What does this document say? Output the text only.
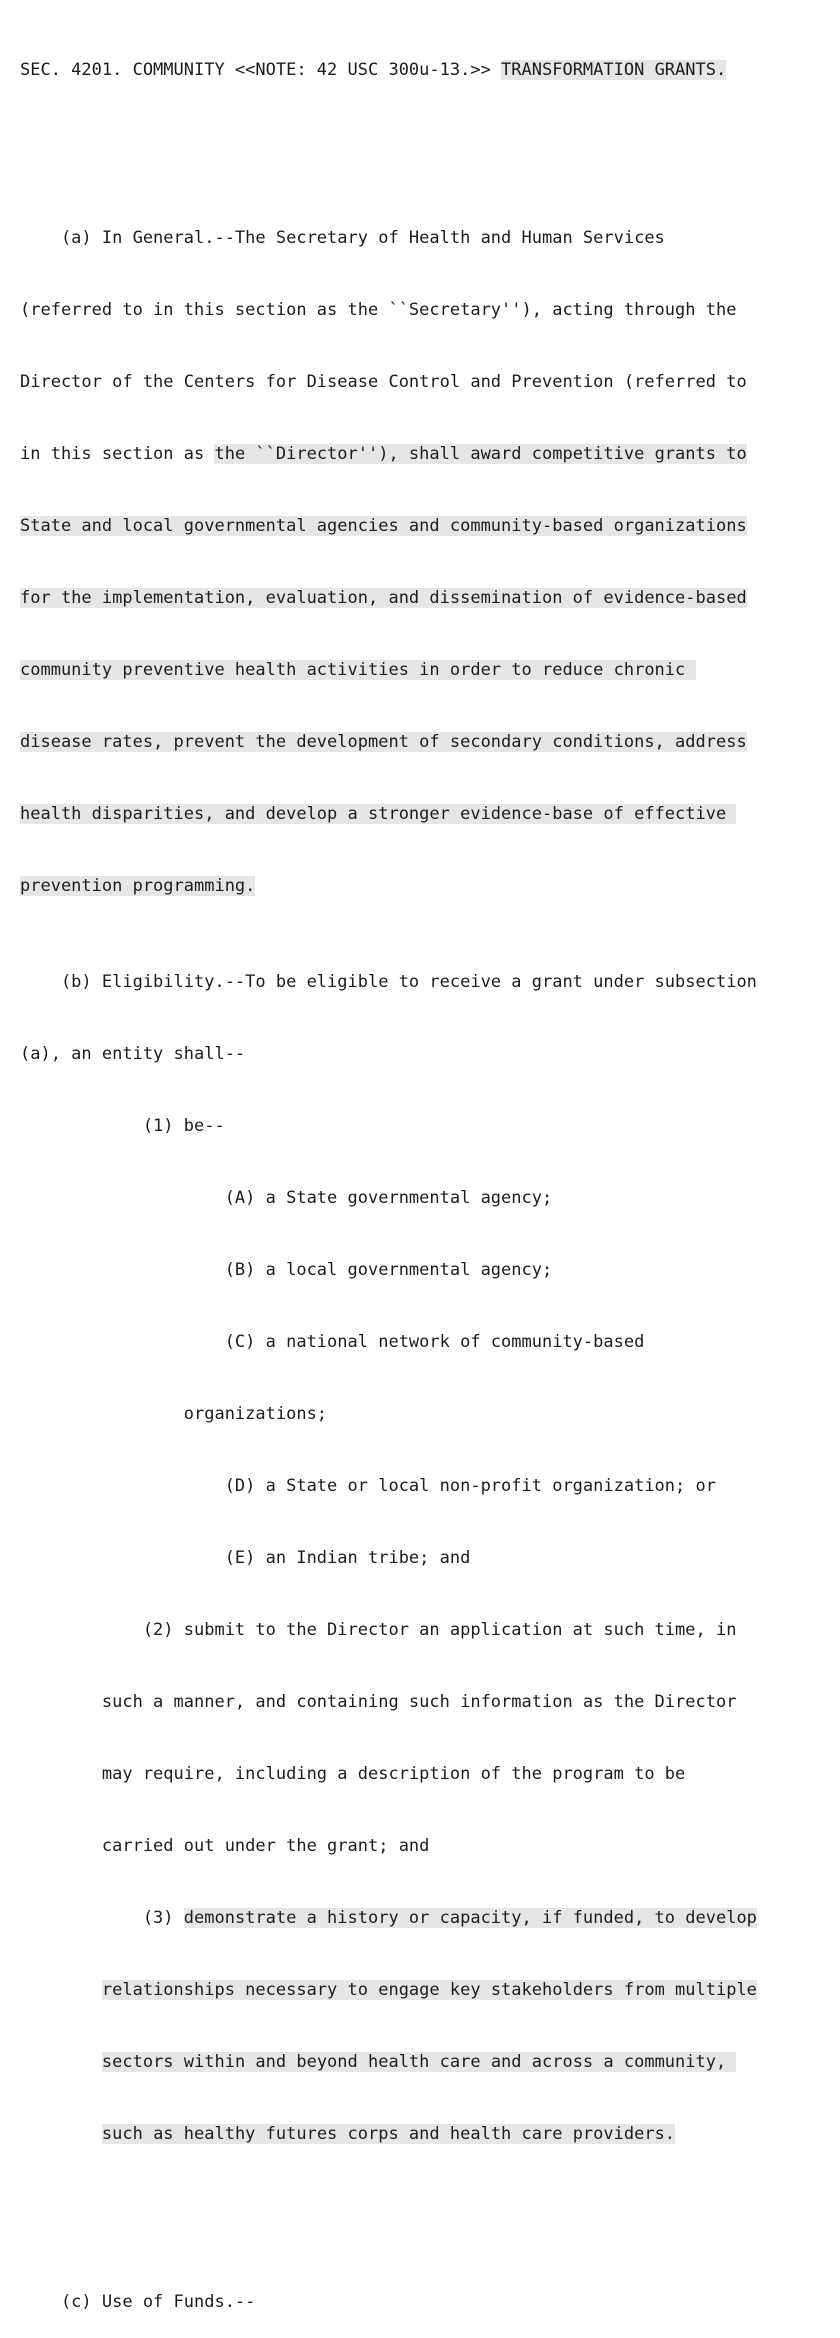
SEC. 4201. COMMUNITY <<NOTE: 42 USC 300u-13.>> TRANSFORMATION GRANTS.

(a) In General.--The Secretary of Health and Human Services

(referred to in this section as the ``Secretary''), acting through the

Director of the Centers for Disease Control and Prevention (referred to

in this section as the ``Director''), shall award competitive grants to

State and local governmental agencies and community-based organizations

for the implementation, evaluation, and dissemination of evidence-based

community preventive health activities in order to reduce chronic

disease rates, prevent the development of secondary conditions, address

health disparities, and develop a stronger evidence-base of effective

prevention programming.

(b) Eligibility.--To be eligible to receive a grant under subsection

(a), an entity shall--

(1) be--

(A) a State governmental agency;

(B) a local governmental agency;

(C) a national network of community-based

organizations;

(D) a State or local non-profit organization; or

(E) an Indian tribe; and

(2) submit to the Director an application at such time, in

such a manner, and containing such information as the Director

may require, including a description of the program to be

carried out under the grant; and

(3) demonstrate a history or capacity, if funded, to develop

relationships necessary to engage key stakeholders from multiple

sectors within and beyond health care and across a community,

such as healthy futures corps and health care providers.

(c) Use of Funds.--
